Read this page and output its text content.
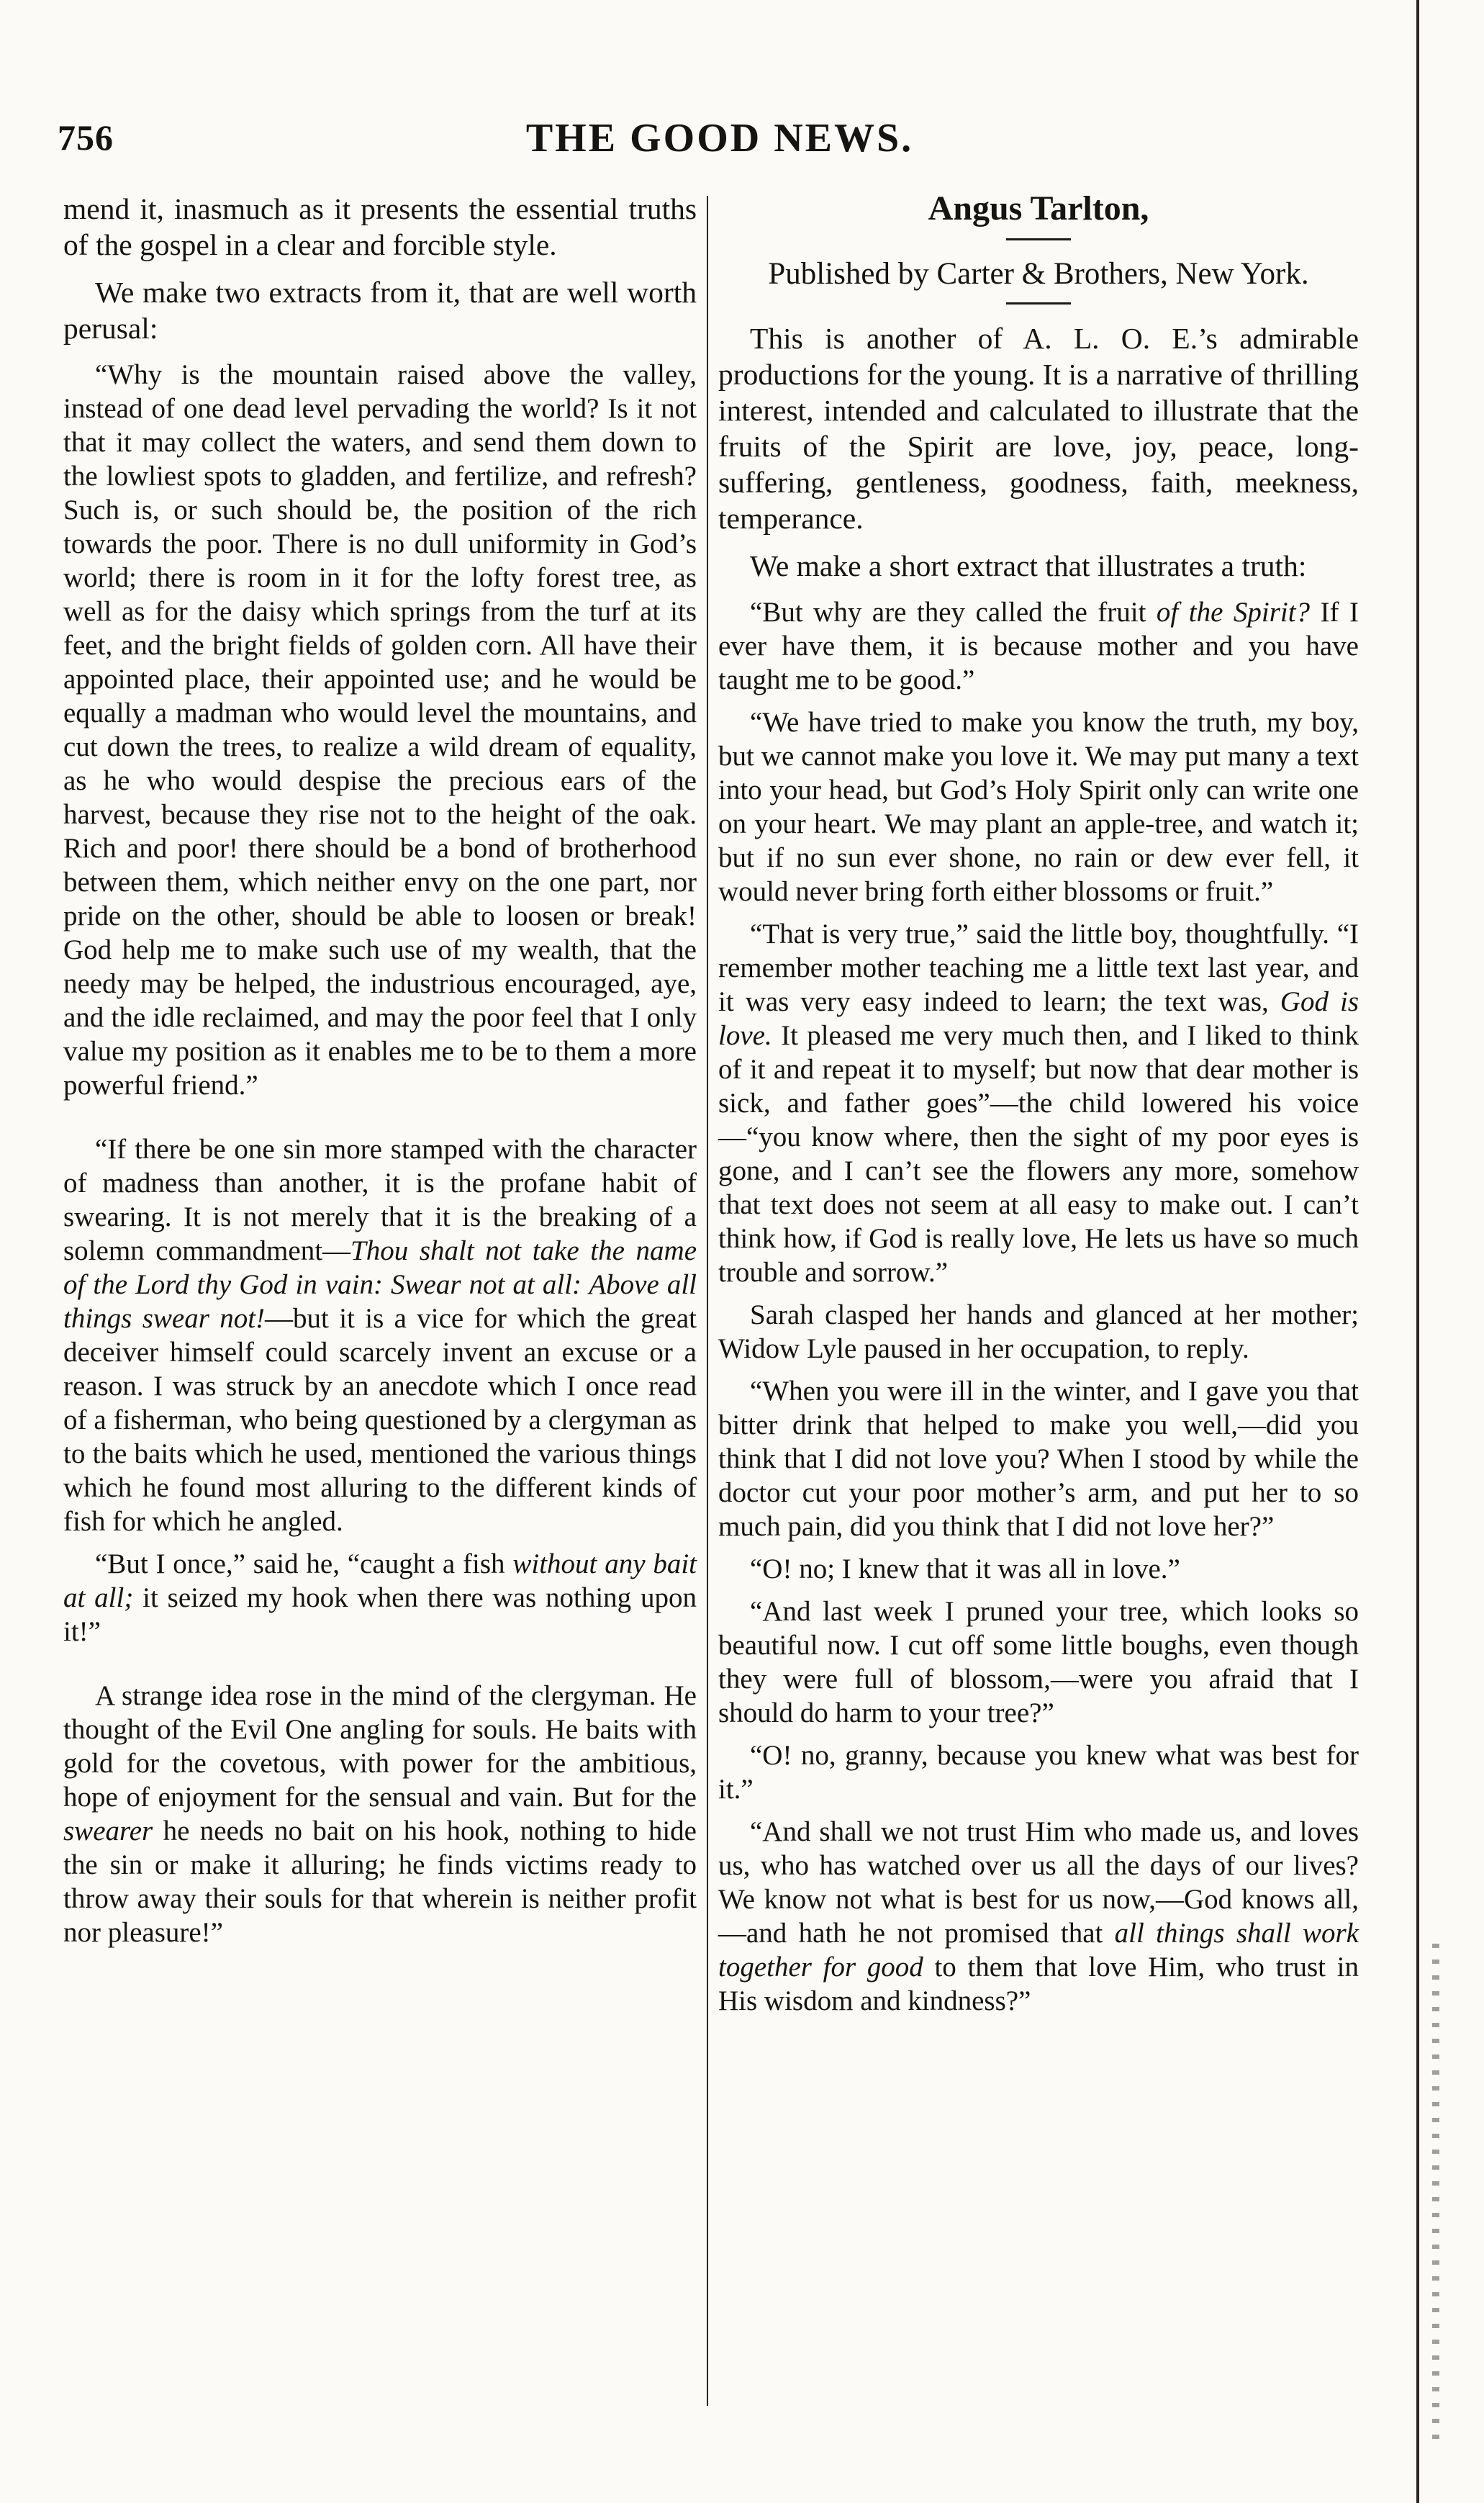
756	THE GOOD NEWS.

mend it, inasmuch as it presents the essential truths of the gospel in a clear and forcible style.

We make two extracts from it, that are well worth perusal:

“Why is the mountain raised above the valley, instead of one dead level pervading the world? Is it not that it may collect the waters, and send them down to the lowliest spots to gladden, and fertilize, and refresh? Such is, or such should be, the position of the rich towards the poor. There is no dull uniformity in God’s world; there is room in it for the lofty forest tree, as well as for the daisy which springs from the turf at its feet, and the bright fields of golden corn. All have their appointed place, their appointed use; and he would be equally a madman who would level the mountains, and cut down the trees, to realize a wild dream of equality, as he who would despise the precious ears of the harvest, because they rise not to the height of the oak. Rich and poor! there should be a bond of brotherhood between them, which neither envy on the one part, nor pride on the other, should be able to loosen or break! God help me to make such use of my wealth, that the needy may be helped, the industrious encouraged, aye, and the idle reclaimed, and may the poor feel that I only value my position as it enables me to be to them a more powerful friend.”

“If there be one sin more stamped with the character of madness than another, it is the profane habit of swearing. It is not merely that it is the breaking of a solemn commandment—Thou shalt not take the name of the Lord thy God in vain: Swear not at all: Above all things swear not!—but it is a vice for which the great deceiver himself could scarcely invent an excuse or a reason. I was struck by an anecdote which I once read of a fisherman, who being questioned by a clergyman as to the baits which he used, mentioned the various things which he found most alluring to the different kinds of fish for which he angled.

“But I once,” said he, “caught a fish without any bait at all; it seized my hook when there was nothing upon it!”

A strange idea rose in the mind of the clergyman. He thought of the Evil One angling for souls. He baits with gold for the covetous, with power for the ambitious, hope of enjoyment for the sensual and vain. But for the swearer he needs no bait on his hook, nothing to hide the sin or make it alluring; he finds victims ready to throw away their souls for that wherein is neither profit nor pleasure!”

Angus Tarlton,
Published by Carter & Brothers, New York.

This is another of A. L. O. E.’s admirable productions for the young. It is a narrative of thrilling interest, intended and calculated to illustrate that the fruits of the Spirit are love, joy, peace, long-suffering, gentleness, goodness, faith, meekness, temperance.

We make a short extract that illustrates a truth:

“But why are they called the fruit of the Spirit? If I ever have them, it is because mother and you have taught me to be good.”

“We have tried to make you know the truth, my boy, but we cannot make you love it. We may put many a text into your head, but God’s Holy Spirit only can write one on your heart. We may plant an apple-tree, and watch it; but if no sun ever shone, no rain or dew ever fell, it would never bring forth either blossoms or fruit.”

“That is very true,” said the little boy, thoughtfully. “I remember mother teaching me a little text last year, and it was very easy indeed to learn; the text was, God is love. It pleased me very much then, and I liked to think of it and repeat it to myself; but now that dear mother is sick, and father goes”—the child lowered his voice—“you know where, then the sight of my poor eyes is gone, and I can’t see the flowers any more, somehow that text does not seem at all easy to make out. I can’t think how, if God is really love, He lets us have so much trouble and sorrow.”

Sarah clasped her hands and glanced at her mother; Widow Lyle paused in her occupation, to reply.

“When you were ill in the winter, and I gave you that bitter drink that helped to make you well,—did you think that I did not love you? When I stood by while the doctor cut your poor mother’s arm, and put her to so much pain, did you think that I did not love her?”

“O! no; I knew that it was all in love.”

“And last week I pruned your tree, which looks so beautiful now. I cut off some little boughs, even though they were full of blossom,—were you afraid that I should do harm to your tree?”

“O! no, granny, because you knew what was best for it.”

“And shall we not trust Him who made us, and loves us, who has watched over us all the days of our lives? We know not what is best for us now,—God knows all,—and hath he not promised that all things shall work together for good to them that love Him, who trust in His wisdom and kindness?”
